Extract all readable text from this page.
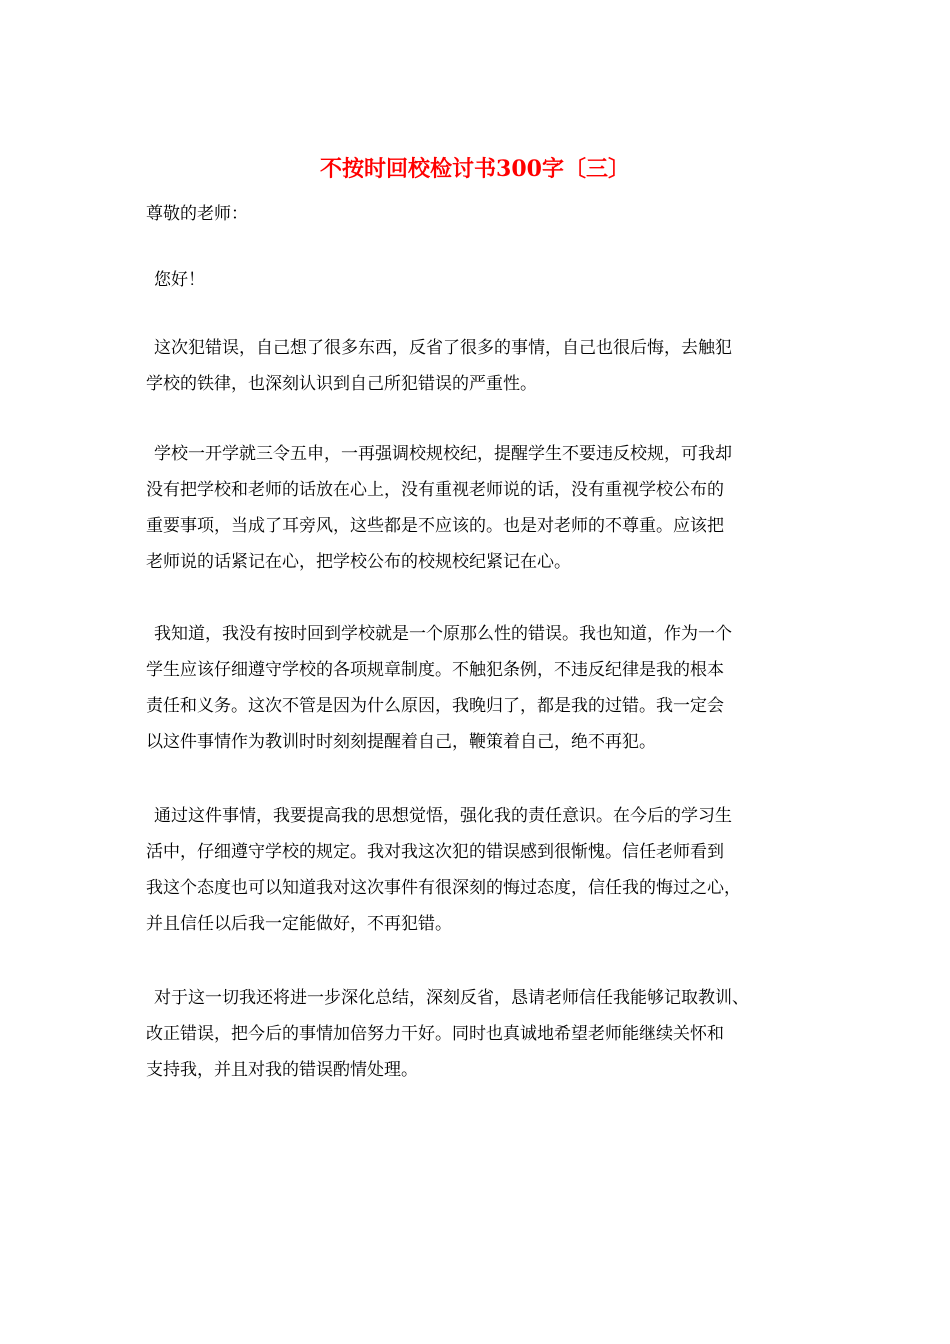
不按时回校检讨书300字〔三〕

尊敬的老师：

您好！

这次犯错误，自己想了很多东西，反省了很多的事情，自己也很后悔，去触犯
学校的铁律，也深刻认识到自己所犯错误的严重性。

学校一开学就三令五申，一再强调校规校纪，提醒学生不要违反校规，可我却
没有把学校和老师的话放在心上，没有重视老师说的话，没有重视学校公布的
重要事项，当成了耳旁风，这些都是不应该的。也是对老师的不尊重。应该把
老师说的话紧记在心，把学校公布的校规校纪紧记在心。

我知道，我没有按时回到学校就是一个原那么性的错误。我也知道，作为一个
学生应该仔细遵守学校的各项规章制度。不触犯条例，不违反纪律是我的根本
责任和义务。这次不管是因为什么原因，我晚归了，都是我的过错。我一定会
以这件事情作为教训时时刻刻提醒着自己，鞭策着自己，绝不再犯。

通过这件事情，我要提高我的思想觉悟，强化我的责任意识。在今后的学习生
活中，仔细遵守学校的规定。我对我这次犯的错误感到很惭愧。信任老师看到
我这个态度也可以知道我对这次事件有很深刻的悔过态度，信任我的悔过之心，
并且信任以后我一定能做好，不再犯错。

对于这一切我还将进一步深化总结，深刻反省，恳请老师信任我能够记取教训、
改正错误，把今后的事情加倍努力干好。同时也真诚地希望老师能继续关怀和
支持我，并且对我的错误酌情处理。
